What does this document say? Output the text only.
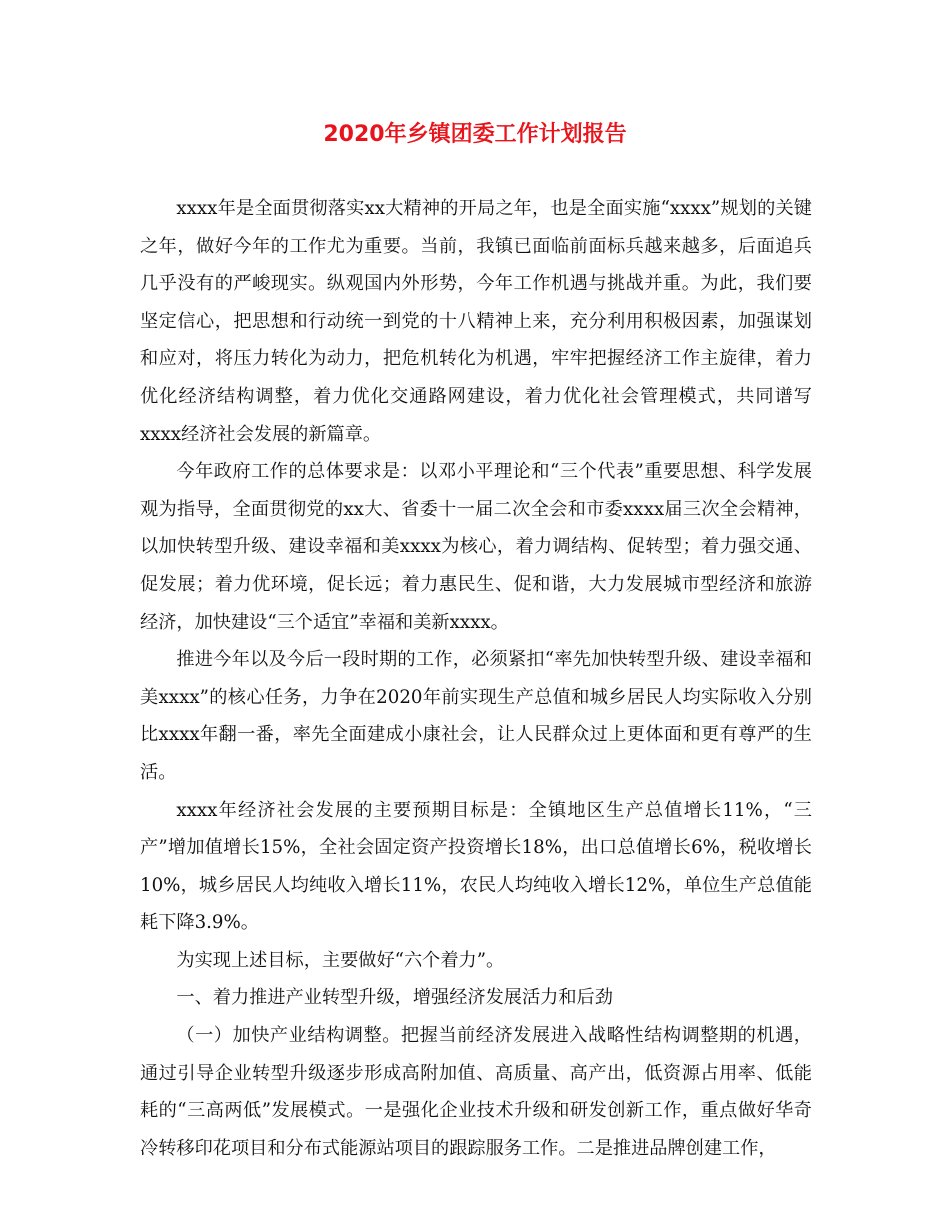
2020年乡镇团委工作计划报告

xxxx年是全面贯彻落实xx大精神的开局之年，也是全面实施“xxxx”规划的关键之年，做好今年的工作尤为重要。当前，我镇已面临前面标兵越来越多，后面追兵几乎没有的严峻现实。纵观国内外形势，今年工作机遇与挑战并重。为此，我们要坚定信心，把思想和行动统一到党的十八精神上来，充分利用积极因素，加强谋划和应对，将压力转化为动力，把危机转化为机遇，牢牢把握经济工作主旋律，着力优化经济结构调整，着力优化交通路网建设，着力优化社会管理模式，共同谱写xxxx经济社会发展的新篇章。

今年政府工作的总体要求是：以邓小平理论和“三个代表”重要思想、科学发展观为指导，全面贯彻党的xx大、省委十一届二次全会和市委xxxx届三次全会精神，以加快转型升级、建设幸福和美xxxx为核心，着力调结构、促转型；着力强交通、促发展；着力优环境，促长远；着力惠民生、促和谐，大力发展城市型经济和旅游经济，加快建设“三个适宜”幸福和美新xxxx。

推进今年以及今后一段时期的工作，必须紧扣“率先加快转型升级、建设幸福和美xxxx”的核心任务，力争在2020年前实现生产总值和城乡居民人均实际收入分别比xxxx年翻一番，率先全面建成小康社会，让人民群众过上更体面和更有尊严的生活。

xxxx年经济社会发展的主要预期目标是：全镇地区生产总值增长11%，“三产”增加值增长15%，全社会固定资产投资增长18%，出口总值增长6%，税收增长10%，城乡居民人均纯收入增长11%，农民人均纯收入增长12%，单位生产总值能耗下降3.9%。

为实现上述目标，主要做好“六个着力”。

一、着力推进产业转型升级，增强经济发展活力和后劲

（一）加快产业结构调整。把握当前经济发展进入战略性结构调整期的机遇，通过引导企业转型升级逐步形成高附加值、高质量、高产出，低资源占用率、低能耗的“三高两低”发展模式。一是强化企业技术升级和研发创新工作，重点做好华奇冷转移印花项目和分布式能源站项目的跟踪服务工作。二是推进品牌创建工作，
